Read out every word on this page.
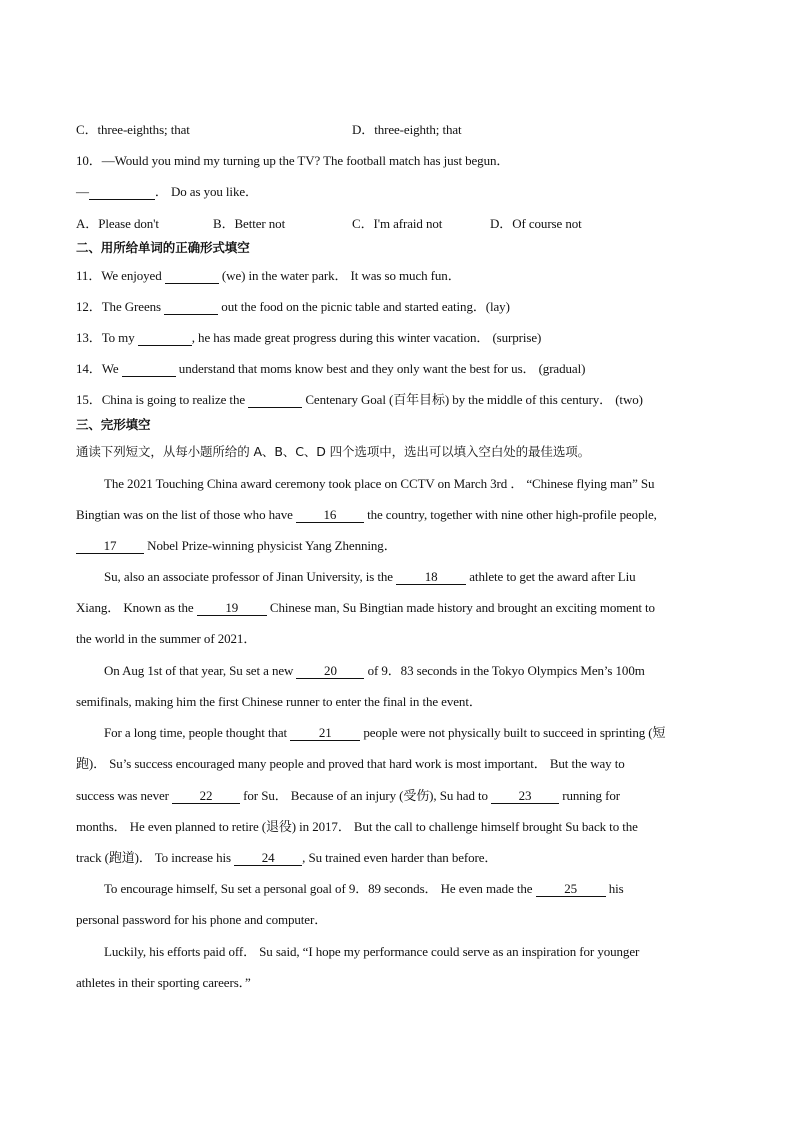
C．three-eighths; that	D．three-eighth; that
10．—Would you mind my turning up the TV? The football match has just begun．
—	． Do as you like．
A．Please don't	B．Better not	C．I'm afraid not	D．Of course not
二、用所给单词的正确形式填空
11．We enjoyed	(we) in the water park． It was so much fun．
12．The Greens	out the food on the picnic table and started eating．(lay)
13．To my	, he has made great progress during this winter vacation． (surprise)
14．We	understand that moms know best and they only want the best for us． (gradual)
15．China is going to realize the	Centenary Goal (百年目标) by the middle of this century． (two)
三、完形填空
通读下列短文，从每小题所给的 A、B、C、D 四个选项中，选出可以填入空白处的最佳选项。
The 2021 Touching China award ceremony took place on CCTV on March 3rd ． “Chinese flying man” Su
Bingtian was on the list of those who have 16 the country, together with nine other high-profile people,
17 Nobel Prize-winning physicist Yang Zhenning．
Su, also an associate professor of Jinan University, is the 18 athlete to get the award after Liu
Xiang． Known as the 19 Chinese man, Su Bingtian made history and brought an exciting moment to
the world in the summer of 2021．
On Aug 1st of that year, Su set a new 20 of 9．83 seconds in the Tokyo Olympics Men’s 100m
semifinals, making him the first Chinese runner to enter the final in the event．
For a long time, people thought that 21 people were not physically built to succeed in sprinting (短
跑)． Su’s success encouraged many people and proved that hard work is most important． But the way to
success was never 22 for Su． Because of an injury (受伤), Su had to 23 running for
months． He even planned to retire (退役) in 2017． But the call to challenge himself brought Su back to the
track (跑道)． To increase his 24 , Su trained even harder than before．
To encourage himself, Su set a personal goal of 9．89 seconds． He even made the 25 his
personal password for his phone and computer．
Luckily, his efforts paid off． Su said, “I hope my performance could serve as an inspiration for younger
athletes in their sporting careers．”
